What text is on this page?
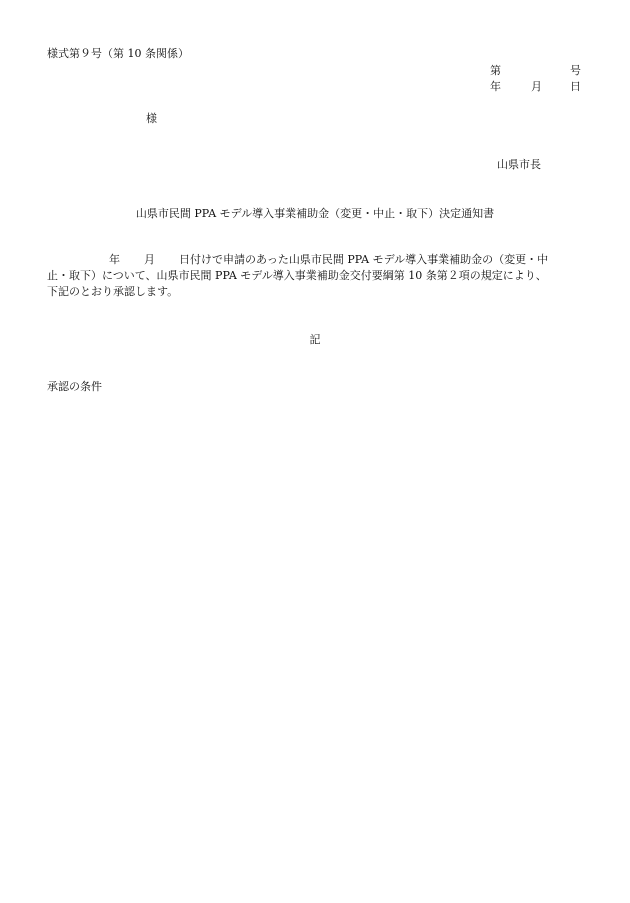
様式第９号（第 10 条関係）
第	号
年	月	日
様
山県市長
山県市民間 PPA モデル導入事業補助金（変更・中止・取下）決定通知書
年 月 日付けで申請のあった山県市民間 PPA モデル導入事業補助金の（変更・中
止・取下）について、山県市民間 PPA モデル導入事業補助金交付要綱第 10 条第２項の規定により、
下記のとおり承認します。
記
承認の条件
